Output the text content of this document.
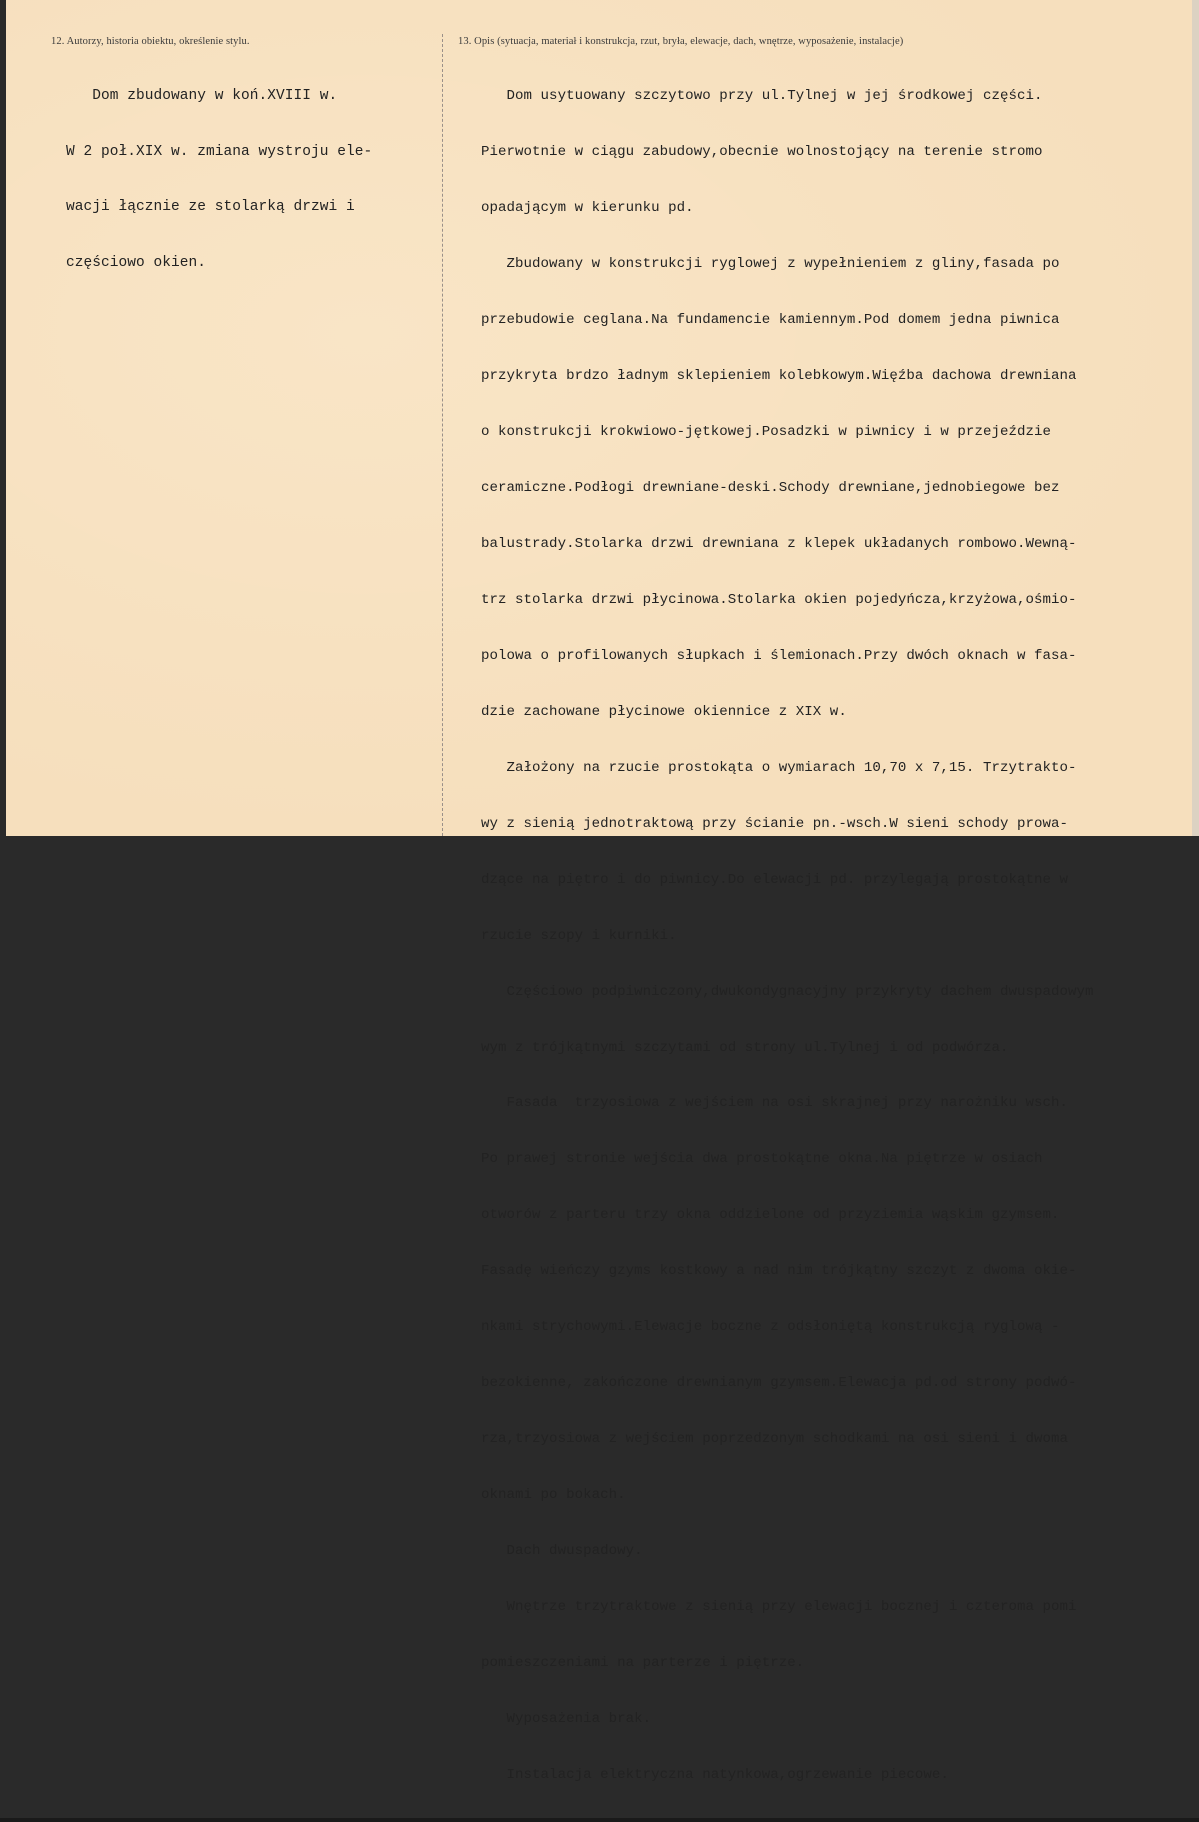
12. Autorzy, historia obiektu, określenie stylu.	13. Opis (sytuacja, materiał i konstrukcja, rzut, bryła, elewacje, dach, wnętrze, wyposażenie, instalacje)

Dom zbudowany w koń.XVIII w.

W 2 poł.XIX w. zmiana wystroju ele-

wacji łącznie ze stolarką drzwi i

częściowo okien.

Dom usytuowany szczytowo przy ul.Tylnej w jej środkowej części.

Pierwotnie w ciągu zabudowy,obecnie wolnostojący na terenie stromo

opadającym w kierunku pd.

Zbudowany w konstrukcji ryglowej z wypełnieniem z gliny,fasada po

przebudowie ceglana.Na fundamencie kamiennym.Pod domem jedna piwnica

przykryta brdzo ładnym sklepieniem kolebkowym.Więźba dachowa drewniana

o konstrukcji krokwiowo-jętkowej.Posadzki w piwnicy i w przejeździe

ceramiczne.Podłogi drewniane-deski.Schody drewniane,jednobiegowe bez

balustrady.Stolarka drzwi drewniana z klepek układanych rombowo.Wewną-

trz stolarka drzwi płycinowa.Stolarka okien pojedyńcza,krzyżowa,ośmio-

polowa o profilowanych słupkach i ślemionach.Przy dwóch oknach w fasa-

dzie zachowane płycinowe okiennice z XIX w.

Założony na rzucie prostokąta o wymiarach 10,70 x 7,15. Trzytrakto-

wy z sienią jednotraktową przy ścianie pn.-wsch.W sieni schody prowa-

dzące na piętro i do piwnicy.Do elewacji pd. przylegają prostokątne w

rzucie szopy i kurniki.

Częściowo podpiwniczony,dwukondygnacyjny przykryty dachem dwuspadowym

wym z trójkątnymi szczytami od strony ul.Tylnej i od podwórza.

Fasada  trzyosiowa z wejściem na osi skrajnej przy narożniku wsch.

Po prawej stronie wejścia dwa prostokątne okna.Na piętrze w osiach

otworów z parteru trzy okna oddzielone od przyziemia wąskim gzymsem.

Fasadę wieńczy gzyms kostkowy a nad nim trójkątny szczyt z dwoma okie-

nkami strychowymi.Elewacje boczne z odsłoniętą konstrukcją ryglową -

bezokienne, zakończone drewnianym gzymsem.Elewacja pd.od strony podwó-

rza,trzyosiowa z wejściem poprzedzonym schodkami na osi sieni i dwoma

oknami po bokach.

Dach dwuspadowy.

Wnętrze trzytraktowe z sienią przy elewacji bocznej i czteroma pomi

pomieszczeniami na parterze i piętrze.

Wyposażenia brak.

Instalacja elektryczna natynkowa,ogrzewanie piecowe.
